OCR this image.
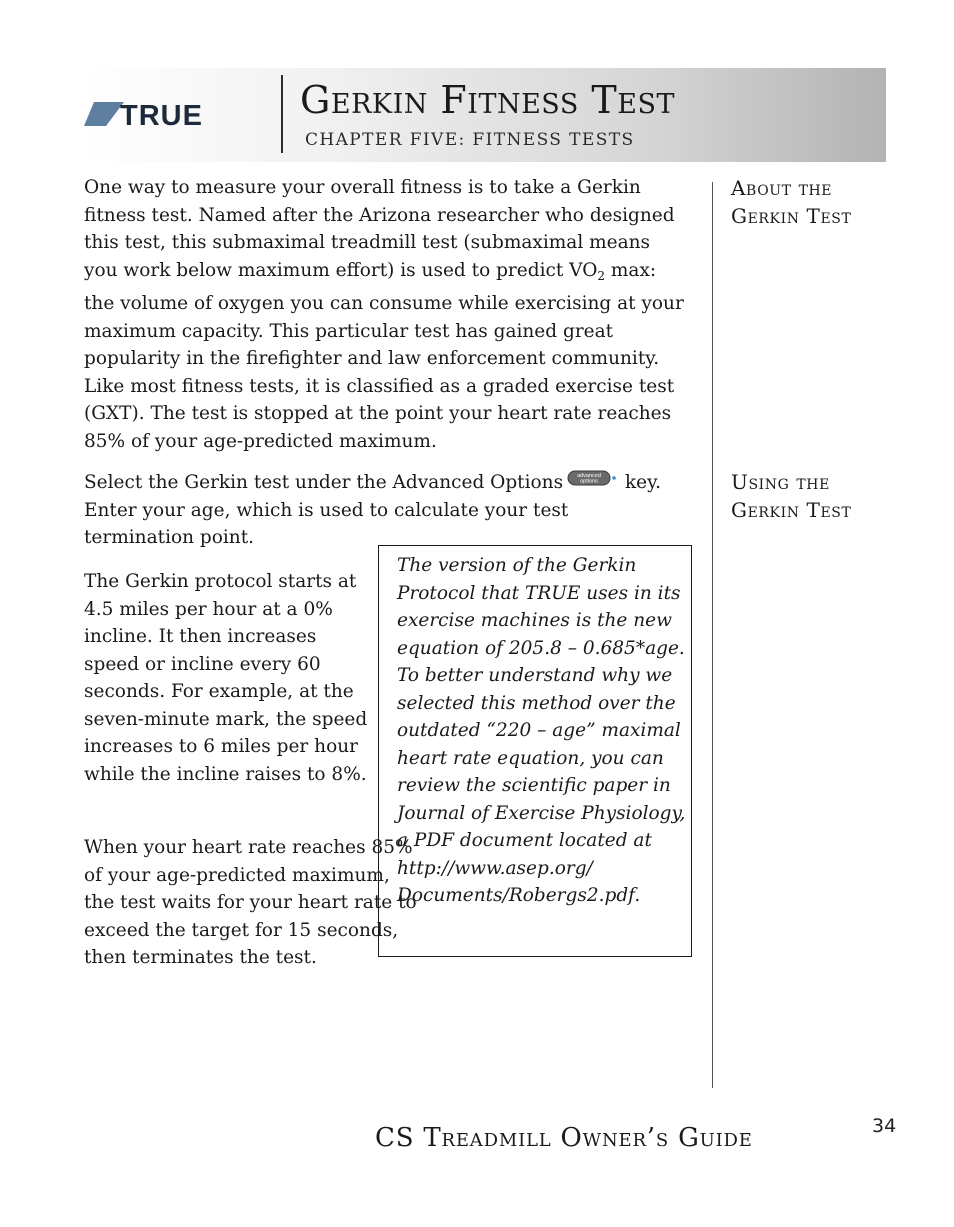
TRUE	Gerkin Fitness Test
CHAPTER FIVE: FITNESS TESTS

One way to measure your overall fitness is to take a Gerkin fitness test. Named after the Arizona researcher who designed this test, this submaximal treadmill test (submaximal means you work below maximum effort) is used to predict $VO_2$ max: the volume of oxygen you can consume while exercising at your maximum capacity. This particular test has gained great popularity in the firefighter and law enforcement community. Like most fitness tests, it is classified as a graded exercise test (GXT). The test is stopped at the point your heart rate reaches 85% of your age-predicted maximum.

Select the Gerkin test under the Advanced Options	advanced
options key. Enter your age, which is used to calculate your test termination point.

The Gerkin protocol starts at 4.5 miles per hour at a 0% incline. It then increases speed or incline every 60 seconds. For example, at the seven-minute mark, the speed increases to 6 miles per hour while the incline raises to 8%.

When your heart rate reaches 85% of your age-predicted maximum, the test waits for your heart rate to exceed the target for 15 seconds, then terminates the test.

The version of the Gerkin Protocol that TRUE uses in its exercise machines is the new equation of 205.8 – 0.685*age. To better understand why we selected this method over the outdated “220 – age” maximal heart rate equation, you can review the scientific paper in Journal of Exercise Physiology, a PDF document located at http://www.asep.org/ Documents/Robergs2.pdf.

About the Gerkin Test

Using the Gerkin Test

CS Treadmill Owner’s Guide	34
